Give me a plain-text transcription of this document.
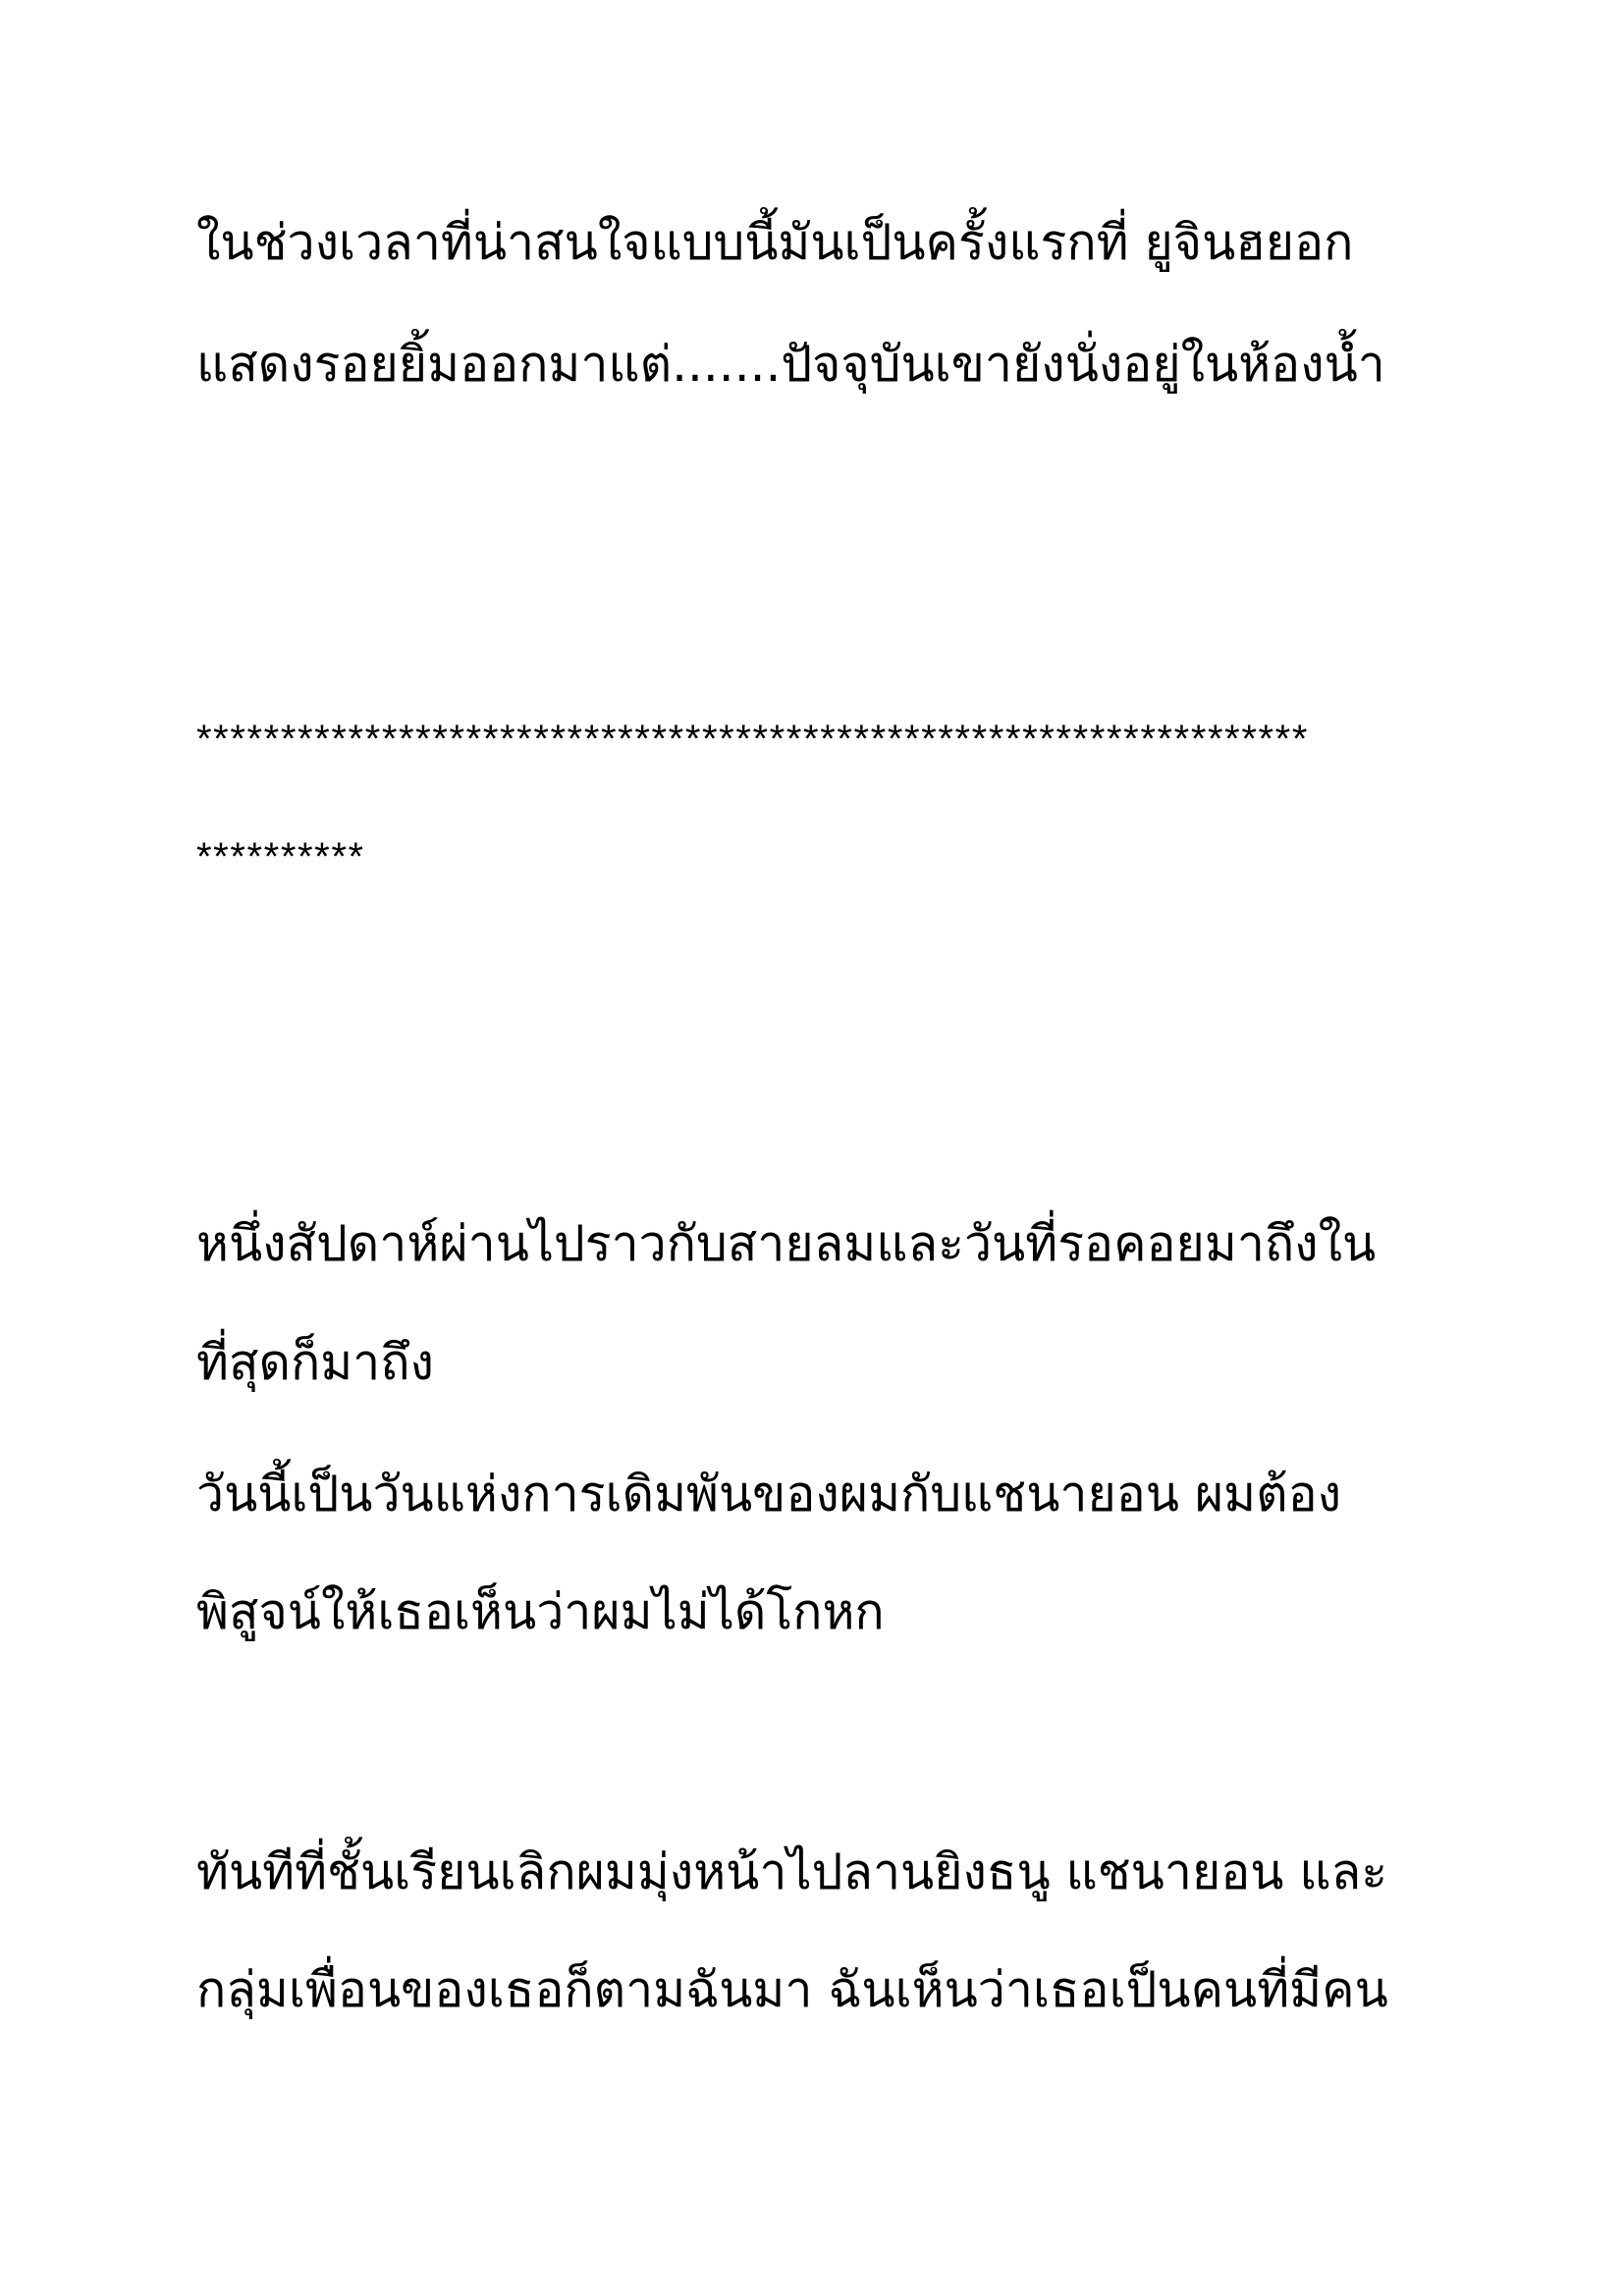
ในช่วงเวลาที่น่าสนใจแบบนี้มันเป็นครั้งแรกที่ ยูจินฮยอก
แสดงรอยยิ้มออกมาแต่.......ปัจจุบันเขายังนั่งอยู่ในห้องน้ำ
******************************************************************
**********
หนึ่งสัปดาห์ผ่านไปราวกับสายลมและวันที่รอคอยมาถึงใน
ที่สุดก็มาถึง
วันนี้เป็นวันแห่งการเดิมพันของผมกับแชนายอน ผมต้อง
พิสูจน์ให้เธอเห็นว่าผมไม่ได้โกหก
ทันทีที่ชั้นเรียนเลิกผมมุ่งหน้าไปลานยิงธนู แชนายอน และ
กลุ่มเพื่อนของเธอก็ตามฉันมา ฉันเห็นว่าเธอเป็นคนที่มีคน
